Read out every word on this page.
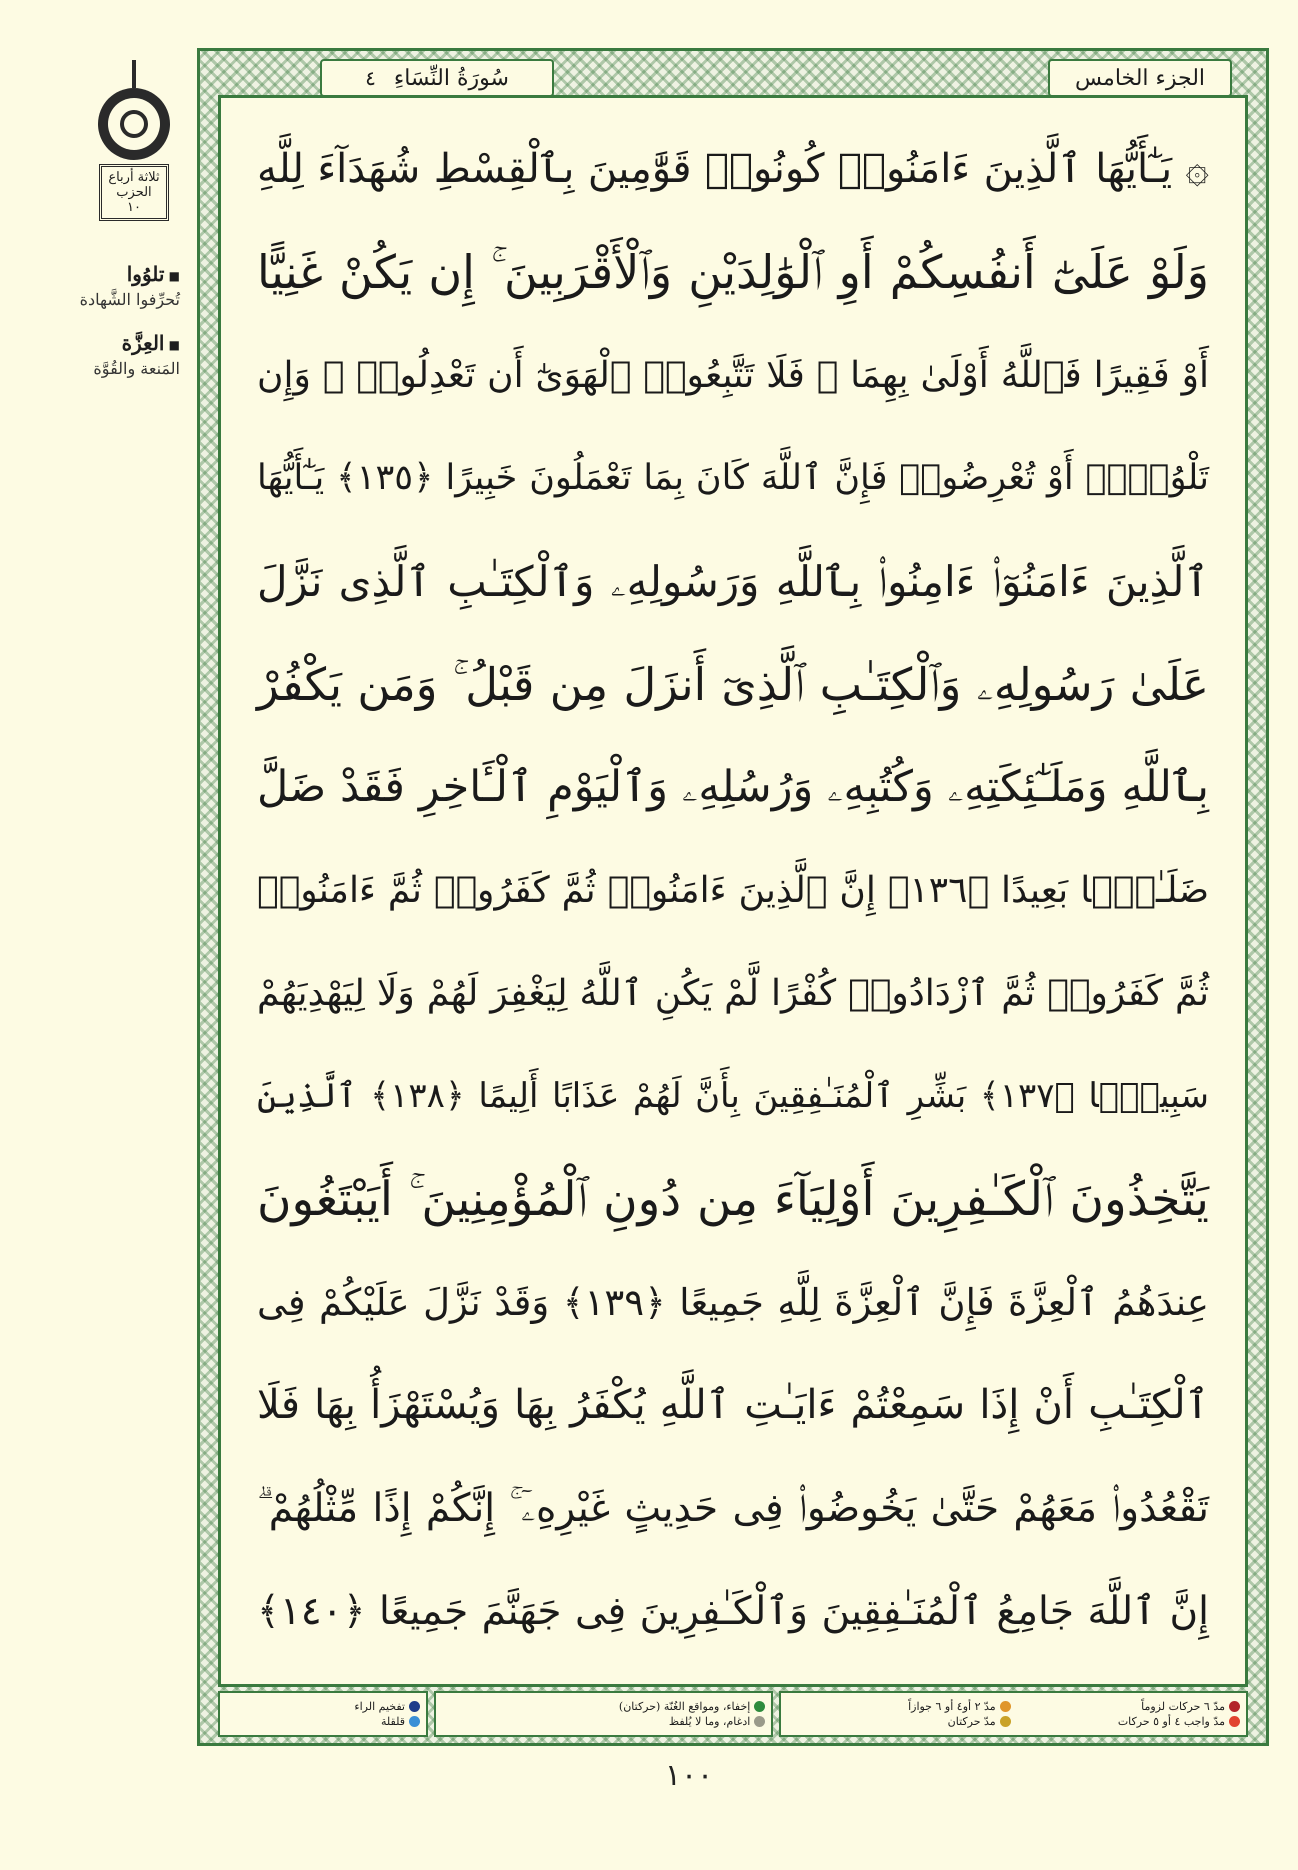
ثلاثة أرباع
الحزب
١٠
■ تلوُوا
تُحرِّفوا الشَّهادة
■ العِزَّة
المَنعة والقُوَّة
سُورَةُ النِّسَاءِ
٤	الجزء الخامس
۞ يَـٰٓأَيُّهَا ٱلَّذِينَ ءَامَنُوا۟ كُونُوا۟ قَوَّٰمِينَ بِٱلْقِسْطِ شُهَدَآءَ لِلَّهِ
وَلَوْ عَلَىٰٓ أَنفُسِكُمْ أَوِ ٱلْوَٰلِدَيْنِ وَٱلْأَقْرَبِينَ ۚ إِن يَكُنْ غَنِيًّا
أَوْ فَقِيرًا فَٱللَّهُ أَوْلَىٰ بِهِمَا ۖ فَلَا تَتَّبِعُوا۟ ٱلْهَوَىٰٓ أَن تَعْدِلُوا۟ ۚ وَإِن
تَلْوُۥٓا۟ أَوْ تُعْرِضُوا۟ فَإِنَّ ٱللَّهَ كَانَ بِمَا تَعْمَلُونَ خَبِيرًا ﴿١٣٥﴾ يَـٰٓأَيُّهَا
ٱلَّذِينَ ءَامَنُوٓا۟ ءَامِنُوا۟ بِٱللَّهِ وَرَسُولِهِۦ وَٱلْكِتَـٰبِ ٱلَّذِى نَزَّلَ
عَلَىٰ رَسُولِهِۦ وَٱلْكِتَـٰبِ ٱلَّذِىٓ أَنزَلَ مِن قَبْلُ ۚ وَمَن يَكْفُرْ
بِٱللَّهِ وَمَلَـٰٓئِكَتِهِۦ وَكُتُبِهِۦ وَرُسُلِهِۦ وَٱلْيَوْمِ ٱلْـَٔاخِرِ فَقَدْ ضَلَّ
ضَلَـٰلًۢا بَعِيدًا ﴿١٣٦﴾ إِنَّ ٱلَّذِينَ ءَامَنُوا۟ ثُمَّ كَفَرُوا۟ ثُمَّ ءَامَنُوا۟
ثُمَّ كَفَرُوا۟ ثُمَّ ٱزْدَادُوا۟ كُفْرًا لَّمْ يَكُنِ ٱللَّهُ لِيَغْفِرَ لَهُمْ وَلَا لِيَهْدِيَهُمْ
سَبِيلًۢا ﴿١٣٧﴾ بَشِّرِ ٱلْمُنَـٰفِقِينَ بِأَنَّ لَهُمْ عَذَابًا أَلِيمًا ﴿١٣٨﴾ ٱلَّذِينَ
يَتَّخِذُونَ ٱلْكَـٰفِرِينَ أَوْلِيَآءَ مِن دُونِ ٱلْمُؤْمِنِينَ ۚ أَيَبْتَغُونَ
عِندَهُمُ ٱلْعِزَّةَ فَإِنَّ ٱلْعِزَّةَ لِلَّهِ جَمِيعًا ﴿١٣٩﴾ وَقَدْ نَزَّلَ عَلَيْكُمْ فِى
ٱلْكِتَـٰبِ أَنْ إِذَا سَمِعْتُمْ ءَايَـٰتِ ٱللَّهِ يُكْفَرُ بِهَا وَيُسْتَهْزَأُ بِهَا فَلَا
تَقْعُدُوا۟ مَعَهُمْ حَتَّىٰ يَخُوضُوا۟ فِى حَدِيثٍ غَيْرِهِۦٓ ۚ إِنَّكُمْ إِذًا مِّثْلُهُمْ ۗ
إِنَّ ٱللَّهَ جَامِعُ ٱلْمُنَـٰفِقِينَ وَٱلْكَـٰفِرِينَ فِى جَهَنَّمَ جَمِيعًا ﴿١٤٠﴾
مدّ ٦ حركات لزوماً
مدّ ٢ أو٤ أو ٦ جوازاً
مدّ واجب ٤ أو ٥ حركات
مدّ حركتان
إخفاء، ومواقع الغُنّة (حركتان)
ادغام، وما لا يُلفظ
تفخيم الراء
قلقلة
١٠٠
